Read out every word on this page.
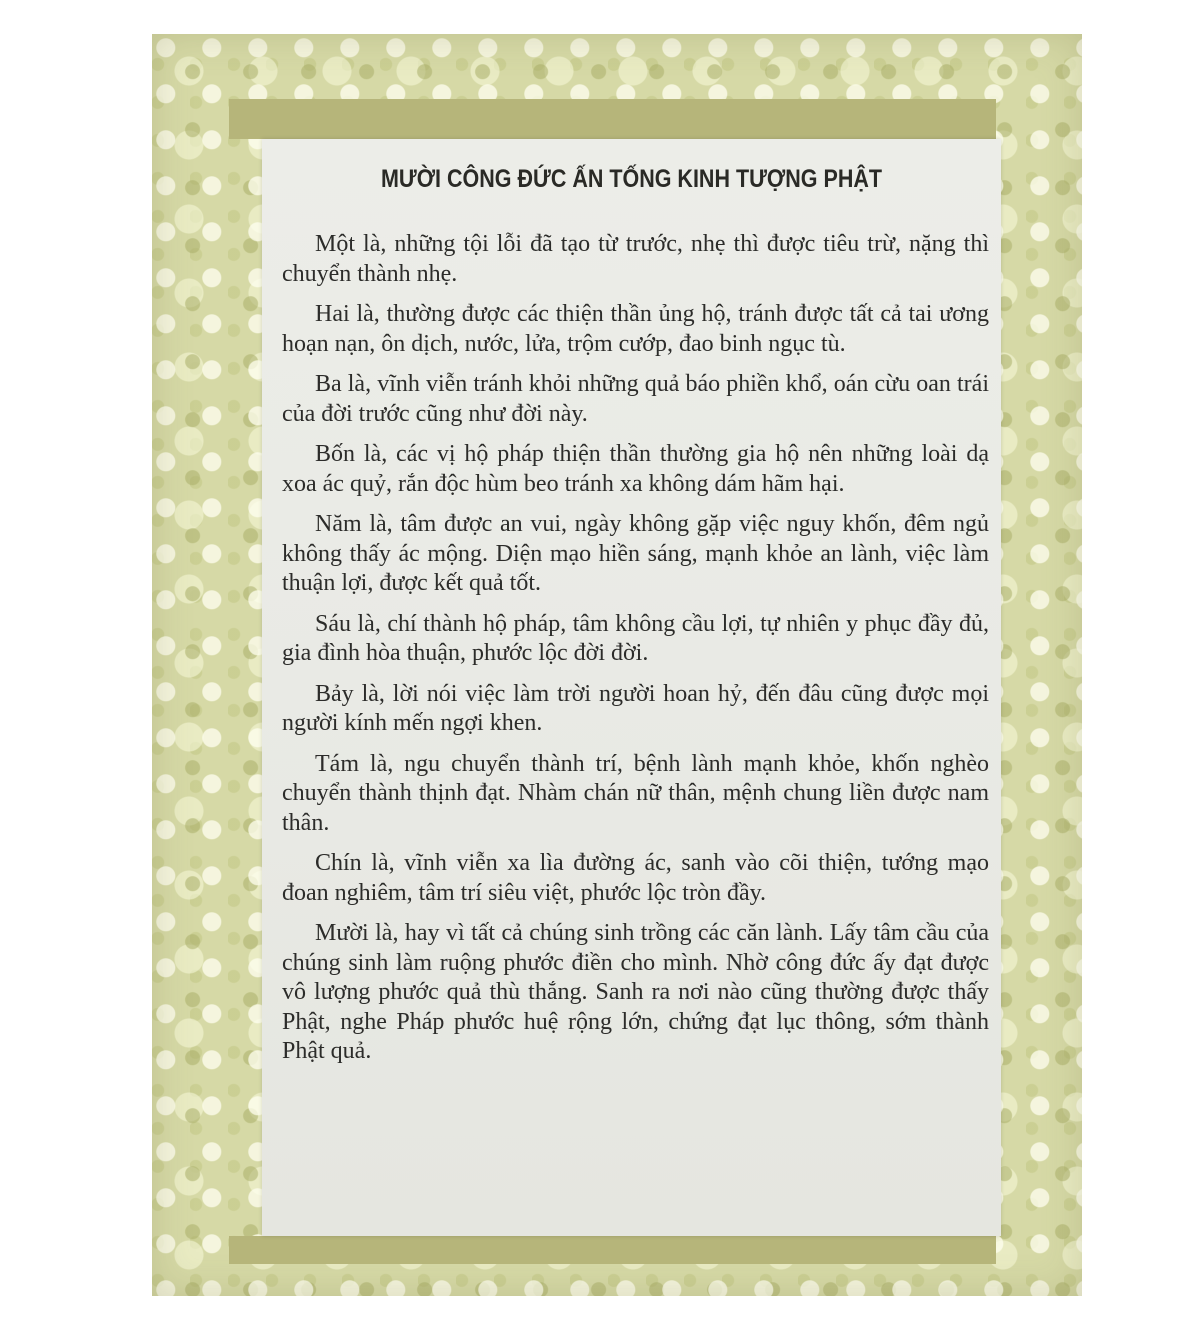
MƯỜI CÔNG ĐỨC ẤN TỐNG KINH TƯỢNG PHẬT

Một là, những tội lỗi đã tạo từ trước, nhẹ thì được tiêu trừ, nặng thì chuyển thành nhẹ.

Hai là, thường được các thiện thần ủng hộ, tránh được tất cả tai ương hoạn nạn, ôn dịch, nước, lửa, trộm cướp, đao binh ngục tù.

Ba là, vĩnh viễn tránh khỏi những quả báo phiền khổ, oán cừu oan trái của đời trước cũng như đời này.

Bốn là, các vị hộ pháp thiện thần thường gia hộ nên những loài dạ xoa ác quỷ, rắn độc hùm beo tránh xa không dám hãm hại.

Năm là, tâm được an vui, ngày không gặp việc nguy khốn, đêm ngủ không thấy ác mộng. Diện mạo hiền sáng, mạnh khỏe an lành, việc làm thuận lợi, được kết quả tốt.

Sáu là, chí thành hộ pháp, tâm không cầu lợi, tự nhiên y phục đầy đủ, gia đình hòa thuận, phước lộc đời đời.

Bảy là, lời nói việc làm trời người hoan hỷ, đến đâu cũng được mọi người kính mến ngợi khen.

Tám là, ngu chuyển thành trí, bệnh lành mạnh khỏe, khốn nghèo chuyển thành thịnh đạt. Nhàm chán nữ thân, mệnh chung liền được nam thân.

Chín là, vĩnh viễn xa lìa đường ác, sanh vào cõi thiện, tướng mạo đoan nghiêm, tâm trí siêu việt, phước lộc tròn đầy.

Mười là, hay vì tất cả chúng sinh trồng các căn lành. Lấy tâm cầu của chúng sinh làm ruộng phước điền cho mình. Nhờ công đức ấy đạt được vô lượng phước quả thù thắng. Sanh ra nơi nào cũng thường được thấy Phật, nghe Pháp phước huệ rộng lớn, chứng đạt lục thông, sớm thành Phật quả.
